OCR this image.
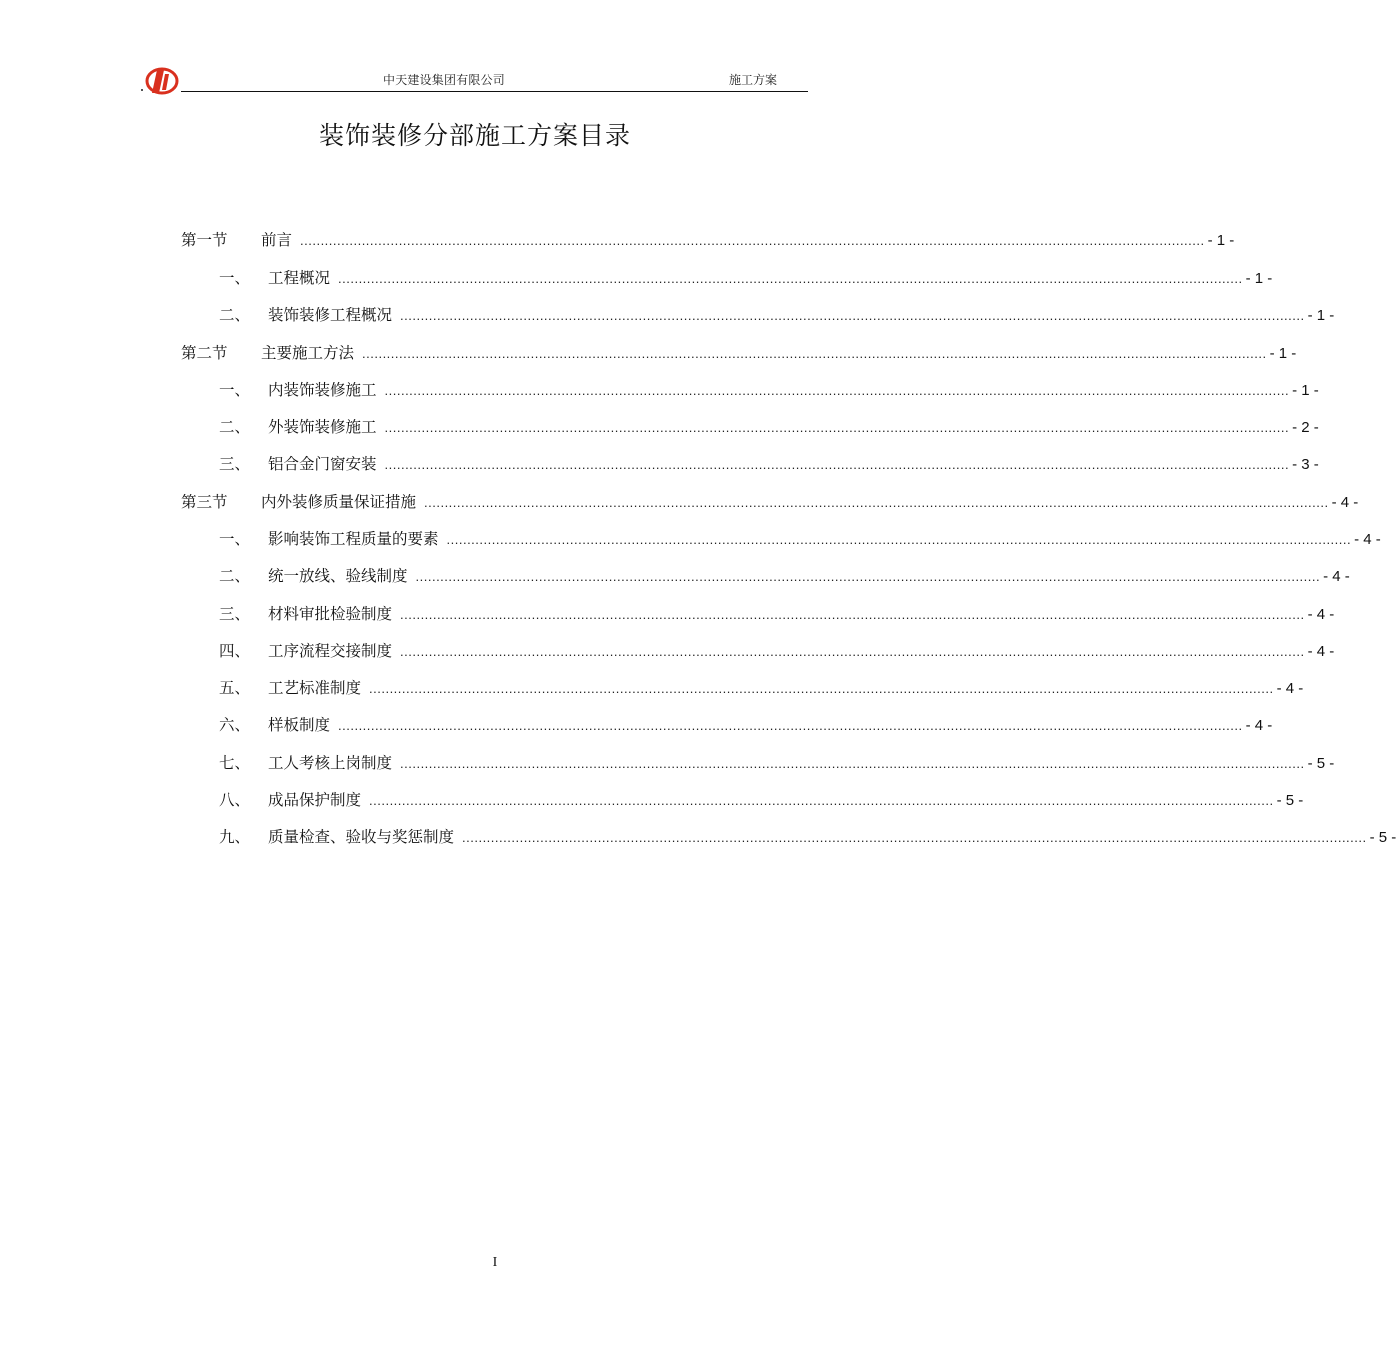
中天建设集团有限公司	施工方案
装饰装修分部施工方案目录
第一节	前言 ............................................................................................................................................................................................................................ - 1 -
一、	工程概况 ............................................................................................................................................................................................................................ - 1 -
二、	装饰装修工程概况 ............................................................................................................................................................................................................................ - 1 -
第二节	主要施工方法 ............................................................................................................................................................................................................................ - 1 -
一、	内装饰装修施工 ............................................................................................................................................................................................................................ - 1 -
二、	外装饰装修施工 ............................................................................................................................................................................................................................ - 2 -
三、	铝合金门窗安装 ............................................................................................................................................................................................................................ - 3 -
第三节	内外装修质量保证措施 ............................................................................................................................................................................................................................ - 4 -
一、	影响装饰工程质量的要素 ............................................................................................................................................................................................................................ - 4 -
二、	统一放线、验线制度 ............................................................................................................................................................................................................................ - 4 -
三、	材料审批检验制度 ............................................................................................................................................................................................................................ - 4 -
四、	工序流程交接制度 ............................................................................................................................................................................................................................ - 4 -
五、	工艺标准制度 ............................................................................................................................................................................................................................ - 4 -
六、	样板制度 ............................................................................................................................................................................................................................ - 4 -
七、	工人考核上岗制度 ............................................................................................................................................................................................................................ - 5 -
八、	成品保护制度 ............................................................................................................................................................................................................................ - 5 -
九、	质量检查、验收与奖惩制度 ............................................................................................................................................................................................................................ - 5 -
I
